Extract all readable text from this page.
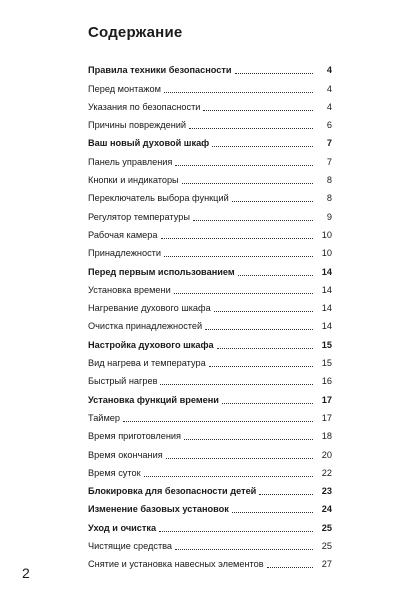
Содержание
Правила техники безопасности	4
Перед монтажом	4
Указания по безопасности	4
Причины повреждений	6
Ваш новый духовой шкаф	7
Панель управления	7
Кнопки и индикаторы	8
Переключатель выбора функций	8
Регулятор температуры	9
Рабочая камера	10
Принадлежности	10
Перед первым использованием	14
Установка времени	14
Нагревание духового шкафа	14
Очистка принадлежностей	14
Настройка духового шкафа	15
Вид нагрева и температура	15
Быстрый нагрев	16
Установка функций времени	17
Таймер	17
Время приготовления	18
Время окончания	20
Время суток	22
Блокировка для безопасности детей	23
Изменение базовых установок	24
Уход и очистка	25
Чистящие средства	25
Снятие и установка навесных элементов	27
2
